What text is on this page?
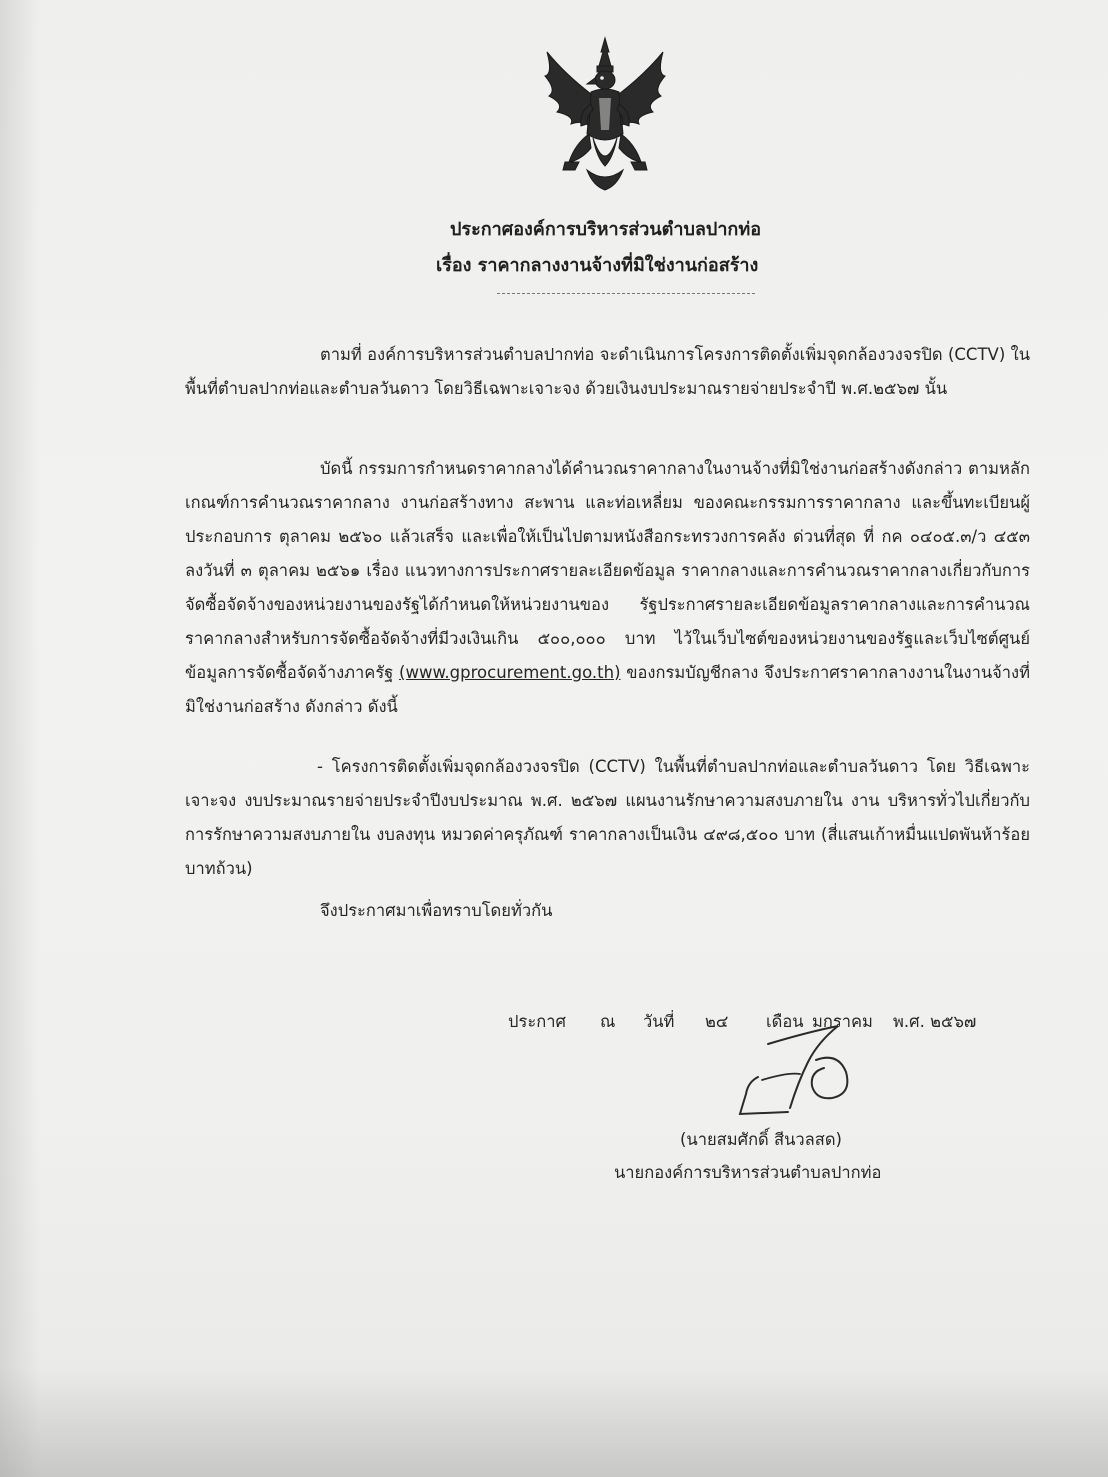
ประกาศองค์การบริหารส่วนตำบลปากท่อ
เรื่อง ราคากลางงานจ้างที่มิใช่งานก่อสร้าง
ตามที่ องค์การบริหารส่วนตำบลปากท่อ จะดำเนินการโครงการติดตั้งเพิ่มจุดกล้องวงจรปิด (CCTV) ในพื้นที่ตำบลปากท่อและตำบลวันดาว โดยวิธีเฉพาะเจาะจง ด้วยเงินงบประมาณรายจ่ายประจำปี พ.ศ.๒๕๖๗ นั้น
บัดนี้ กรรมการกำหนดราคากลางได้คำนวณราคากลางในงานจ้างที่มิใช่งานก่อสร้างดังกล่าว ตามหลักเกณฑ์การคำนวณราคากลาง งานก่อสร้างทาง สะพาน และท่อเหลี่ยม ของคณะกรรมการราคากลาง และขึ้นทะเบียนผู้ประกอบการ ตุลาคม ๒๕๖๐ แล้วเสร็จ และเพื่อให้เป็นไปตามหนังสือกระทรวงการคลัง ด่วนที่สุด ที่ กค ๐๔๐๕.๓/ว ๔๕๓ ลงวันที่ ๓ ตุลาคม ๒๕๖๑ เรื่อง แนวทางการประกาศรายละเอียดข้อมูล ราคากลางและการคำนวณราคากลางเกี่ยวกับการจัดซื้อจัดจ้างของหน่วยงานของรัฐได้กำหนดให้หน่วยงานของ รัฐประกาศรายละเอียดข้อมูลราคากลางและการคำนวณราคากลางสำหรับการจัดซื้อจัดจ้างที่มีวงเงินเกิน ๕๐๐,๐๐๐ บาท ไว้ในเว็บไซต์ของหน่วยงานของรัฐและเว็บไซต์ศูนย์ข้อมูลการจัดซื้อจัดจ้างภาครัฐ (www.gprocurement.go.th) ของกรมบัญชีกลาง จึงประกาศราคากลางงานในงานจ้างที่มิใช่งานก่อสร้าง ดังกล่าว ดังนี้
- โครงการติดตั้งเพิ่มจุดกล้องวงจรปิด (CCTV) ในพื้นที่ตำบลปากท่อและตำบลวันดาว โดย วิธีเฉพาะเจาะจง งบประมาณรายจ่ายประจำปีงบประมาณ พ.ศ. ๒๕๖๗ แผนงานรักษาความสงบภายใน งาน บริหารทั่วไปเกี่ยวกับการรักษาความสงบภายใน งบลงทุน หมวดค่าครุภัณฑ์ ราคากลางเป็นเงิน ๔๙๘,๕๐๐ บาท (สี่แสนเก้าหมื่นแปดพันห้าร้อยบาทถ้วน)
จึงประกาศมาเพื่อทราบโดยทั่วกัน
ประกาศ ณ วันที่ ๒๔ เดือน มกราคม พ.ศ. ๒๕๖๗
(นายสมศักดิ์ สีนวลสด)
นายกองค์การบริหารส่วนตำบลปากท่อ
